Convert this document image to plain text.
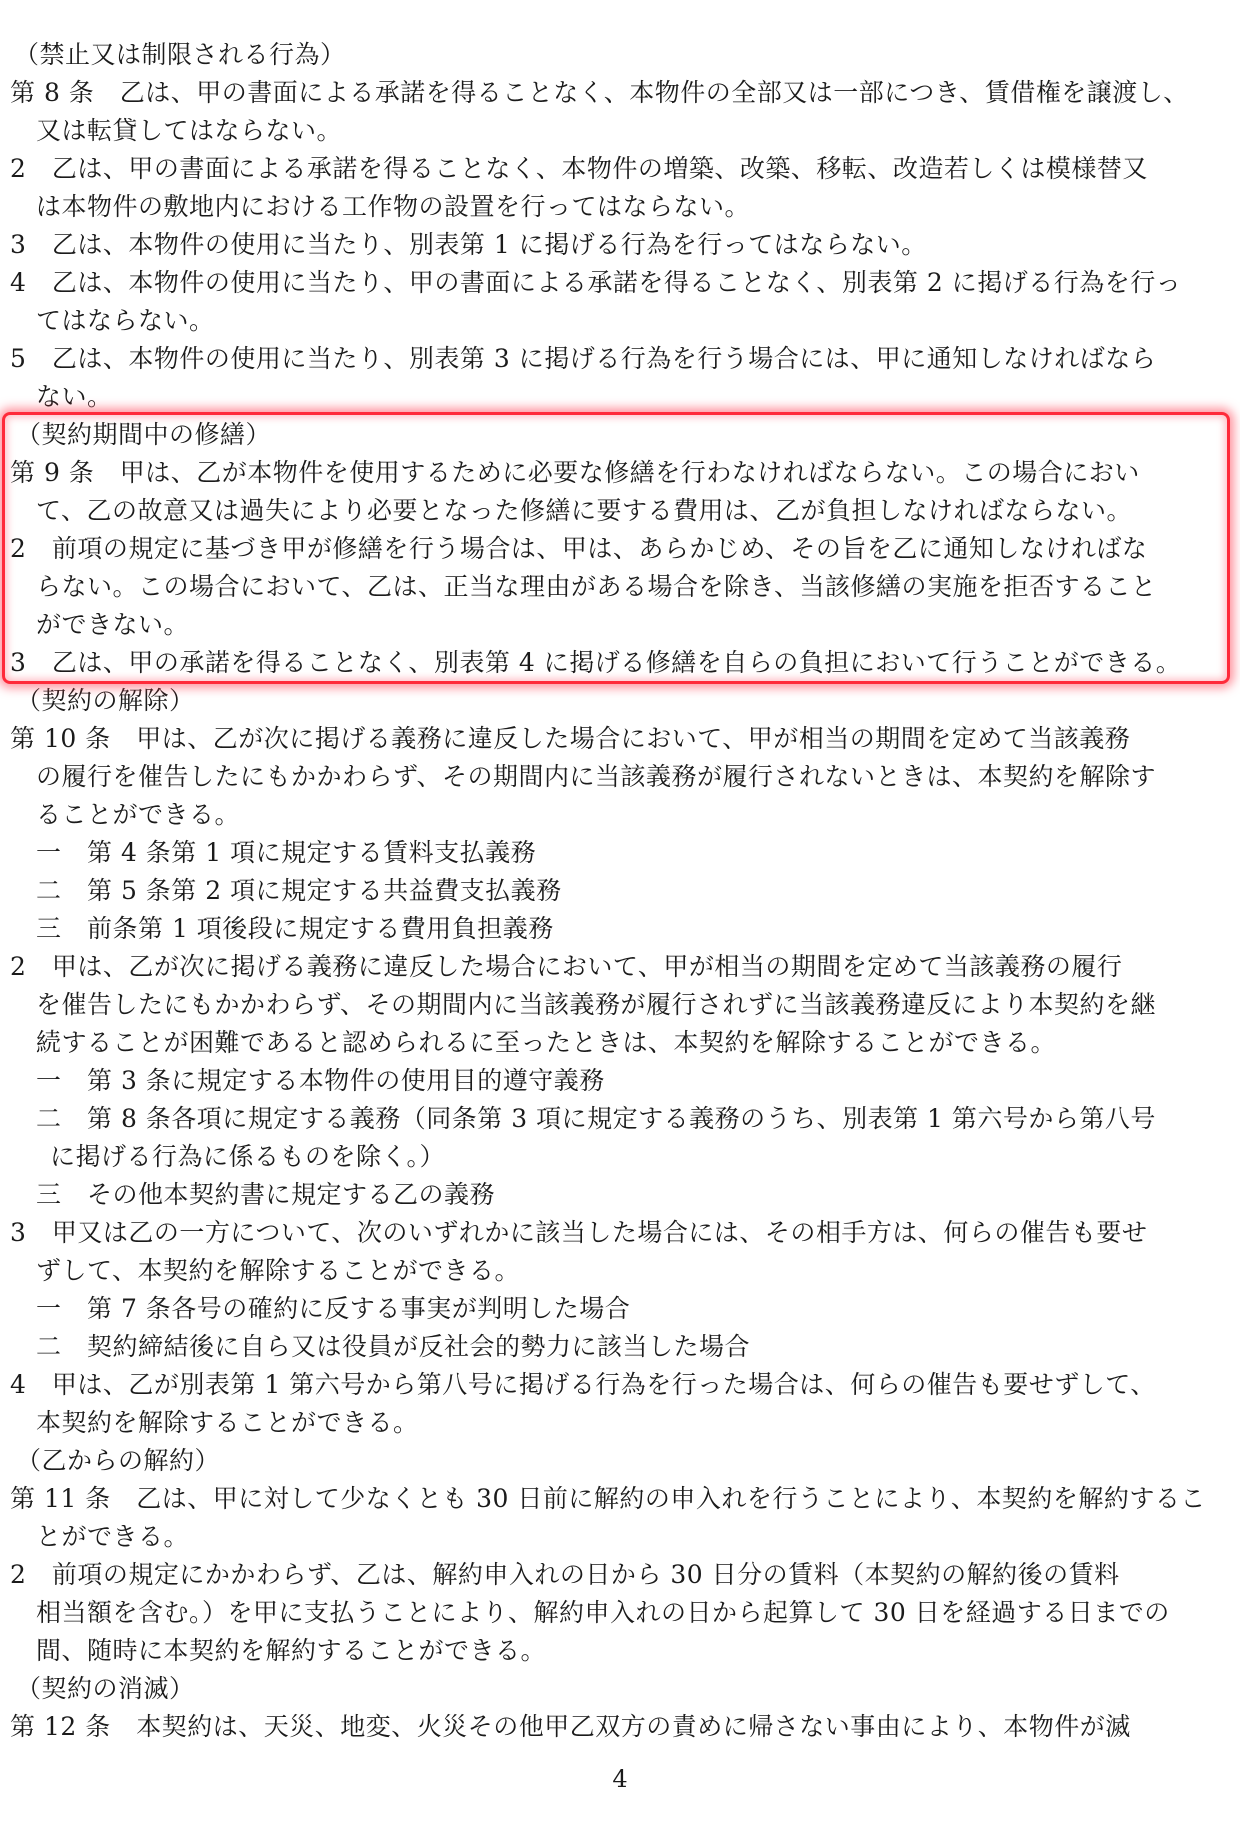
（禁止又は制限される行為）
第 8 条　乙は、甲の書面による承諾を得ることなく、本物件の全部又は一部につき、賃借権を譲渡し、
又は転貸してはならない。
2　乙は、甲の書面による承諾を得ることなく、本物件の増築、改築、移転、改造若しくは模様替又
は本物件の敷地内における工作物の設置を行ってはならない。
3　乙は、本物件の使用に当たり、別表第 1 に掲げる行為を行ってはならない。
4　乙は、本物件の使用に当たり、甲の書面による承諾を得ることなく、別表第 2 に掲げる行為を行っ
てはならない。
5　乙は、本物件の使用に当たり、別表第 3 に掲げる行為を行う場合には、甲に通知しなければなら
ない。
（契約期間中の修繕）
第 9 条　甲は、乙が本物件を使用するために必要な修繕を行わなければならない。この場合におい
て、乙の故意又は過失により必要となった修繕に要する費用は、乙が負担しなければならない。
2　前項の規定に基づき甲が修繕を行う場合は、甲は、あらかじめ、その旨を乙に通知しなければな
らない。この場合において、乙は、正当な理由がある場合を除き、当該修繕の実施を拒否すること
ができない。
3　乙は、甲の承諾を得ることなく、別表第 4 に掲げる修繕を自らの負担において行うことができる。
（契約の解除）
第 10 条　甲は、乙が次に掲げる義務に違反した場合において、甲が相当の期間を定めて当該義務
の履行を催告したにもかかわらず、その期間内に当該義務が履行されないときは、本契約を解除す
ることができる。
一　第 4 条第 1 項に規定する賃料支払義務
二　第 5 条第 2 項に規定する共益費支払義務
三　前条第 1 項後段に規定する費用負担義務
2　甲は、乙が次に掲げる義務に違反した場合において、甲が相当の期間を定めて当該義務の履行
を催告したにもかかわらず、その期間内に当該義務が履行されずに当該義務違反により本契約を継
続することが困難であると認められるに至ったときは、本契約を解除することができる。
一　第 3 条に規定する本物件の使用目的遵守義務
二　第 8 条各項に規定する義務（同条第 3 項に規定する義務のうち、別表第 1 第六号から第八号
に掲げる行為に係るものを除く。）
三　その他本契約書に規定する乙の義務
3　甲又は乙の一方について、次のいずれかに該当した場合には、その相手方は、何らの催告も要せ
ずして、本契約を解除することができる。
一　第 7 条各号の確約に反する事実が判明した場合
二　契約締結後に自ら又は役員が反社会的勢力に該当した場合
4　甲は、乙が別表第 1 第六号から第八号に掲げる行為を行った場合は、何らの催告も要せずして、
本契約を解除することができる。
（乙からの解約）
第 11 条　乙は、甲に対して少なくとも 30 日前に解約の申入れを行うことにより、本契約を解約するこ
とができる。
2　前項の規定にかかわらず、乙は、解約申入れの日から 30 日分の賃料（本契約の解約後の賃料
相当額を含む。）を甲に支払うことにより、解約申入れの日から起算して 30 日を経過する日までの
間、随時に本契約を解約することができる。
（契約の消滅）
第 12 条　本契約は、天災、地変、火災その他甲乙双方の責めに帰さない事由により、本物件が滅
4
